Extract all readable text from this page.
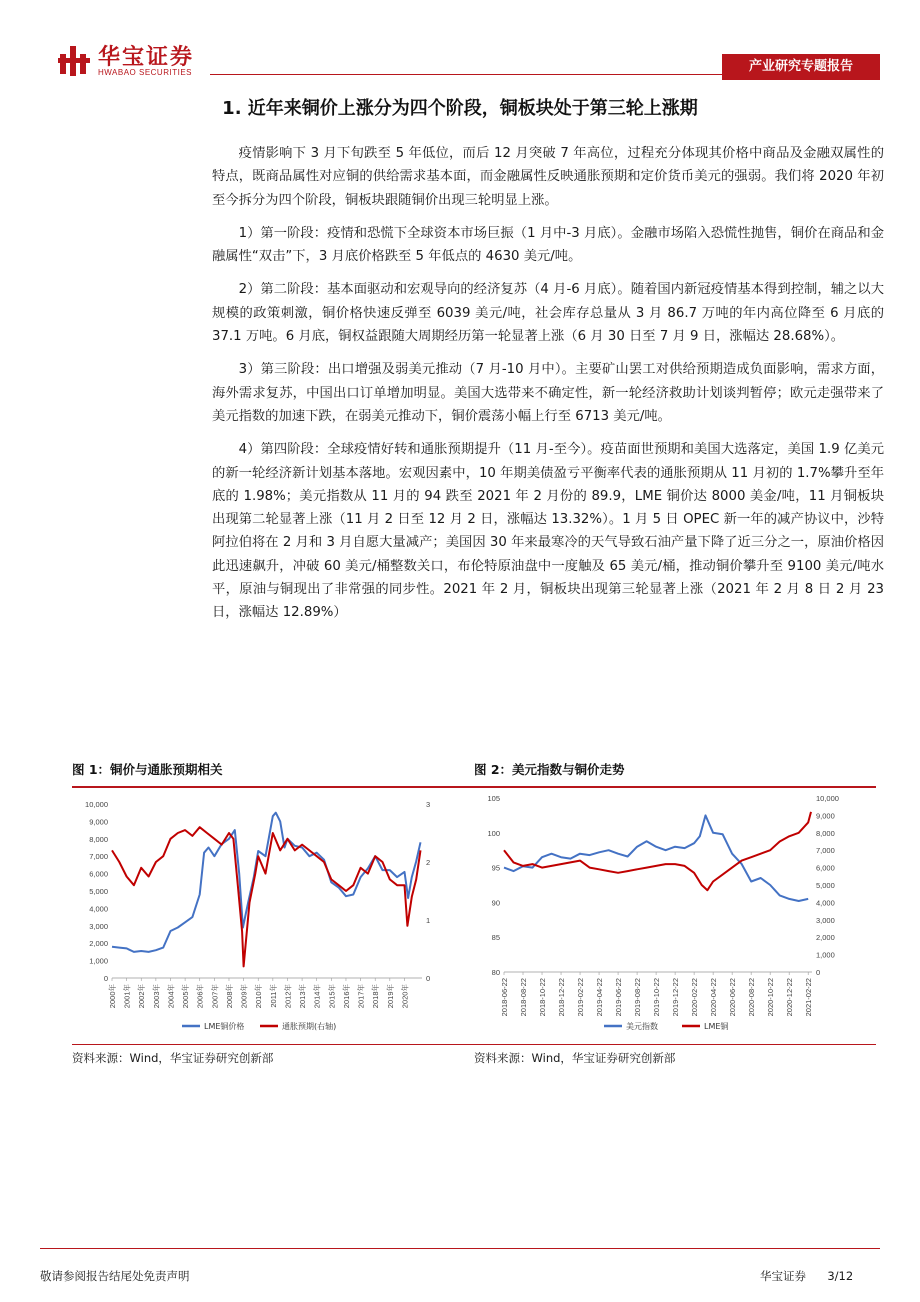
华宝证券
HWABAO SECURITIES	产业研究专题报告
1. 近年来铜价上涨分为四个阶段，铜板块处于第三轮上涨期

疫情影响下 3 月下旬跌至 5 年低位，而后 12 月突破 7 年高位，过程充分体现其价格中商品及金融双属性的特点，既商品属性对应铜的供给需求基本面，而金融属性反映通胀预期和定价货币美元的强弱。我们将 2020 年初至今拆分为四个阶段，铜板块跟随铜价出现三轮明显上涨。

1）第一阶段：疫情和恐慌下全球资本市场巨振（1 月中-3 月底）。金融市场陷入恐慌性抛售，铜价在商品和金融属性“双击”下，3 月底价格跌至 5 年低点的 4630 美元/吨。

2）第二阶段：基本面驱动和宏观导向的经济复苏（4 月-6 月底）。随着国内新冠疫情基本得到控制，辅之以大规模的政策刺激，铜价格快速反弹至 6039 美元/吨，社会库存总量从 3 月 86.7 万吨的年内高位降至 6 月底的 37.1 万吨。6 月底，铜权益跟随大周期经历第一轮显著上涨（6 月 30 日至 7 月 9 日，涨幅达 28.68%）。

3）第三阶段：出口增强及弱美元推动（7 月-10 月中）。主要矿山罢工对供给预期造成负面影响，需求方面，海外需求复苏，中国出口订单增加明显。美国大选带来不确定性，新一轮经济救助计划谈判暂停；欧元走强带来了美元指数的加速下跌，在弱美元推动下，铜价震荡小幅上行至 6713 美元/吨。

4）第四阶段：全球疫情好转和通胀预期提升（11 月-至今）。疫苗面世预期和美国大选落定，美国 1.9 亿美元的新一轮经济新计划基本落地。宏观因素中，10 年期美债盈亏平衡率代表的通胀预期从 11 月初的 1.7%攀升至年底的 1.98%；美元指数从 11 月的 94 跌至 2021 年 2 月份的 89.9，LME 铜价达 8000 美金/吨，11 月铜板块出现第二轮显著上涨（11 月 2 日至 12 月 2 日，涨幅达 13.32%）。1 月 5 日 OPEC 新一年的减产协议中，沙特阿拉伯将在 2 月和 3 月自愿大量减产；美国因 30 年来最寒冷的天气导致石油产量下降了近三分之一，原油价格因此迅速飙升，冲破 60 美元/桶整数关口，布伦特原油盘中一度触及 65 美元/桶，推动铜价攀升至 9100 美元/吨水平，原油与铜现出了非常强的同步性。2021 年 2 月，铜板块出现第三轮显著上涨（2021 年 2 月 8 日 2 月 23 日，涨幅达 12.89%）

图 1：铜价与通胀预期相关
0
1,000
2,000
3,000
4,000
5,000
6,000
7,000
8,000
9,000
10,000
0
1
2
3
2000年 2001年 2002年 2003年 2004年 2005年 2006年 2007年 2008年 2009年 2010年 2011年 2012年 2013年 2014年 2015年 2016年 2017年 2018年 2019年 2020年
LME铜价格	通胀预期(右轴)
资料来源：Wind，华宝证券研究创新部
图 2：美元指数与铜价走势
80
85
90
95
100
105
0
1,000
2,000
3,000
4,000
5,000
6,000
7,000
8,000
9,000
10,000
2018-06-22 2018-08-22 2018-10-22 2018-12-22 2019-02-22 2019-04-22 2019-06-22 2019-08-22 2019-10-22 2019-12-22 2020-02-22 2020-04-22 2020-06-22 2020-08-22 2020-10-22 2020-12-22 2021-02-22
美元指数	LME铜
资料来源：Wind，华宝证券研究创新部
敬请参阅报告结尾处免责声明	华宝证券 3/12
